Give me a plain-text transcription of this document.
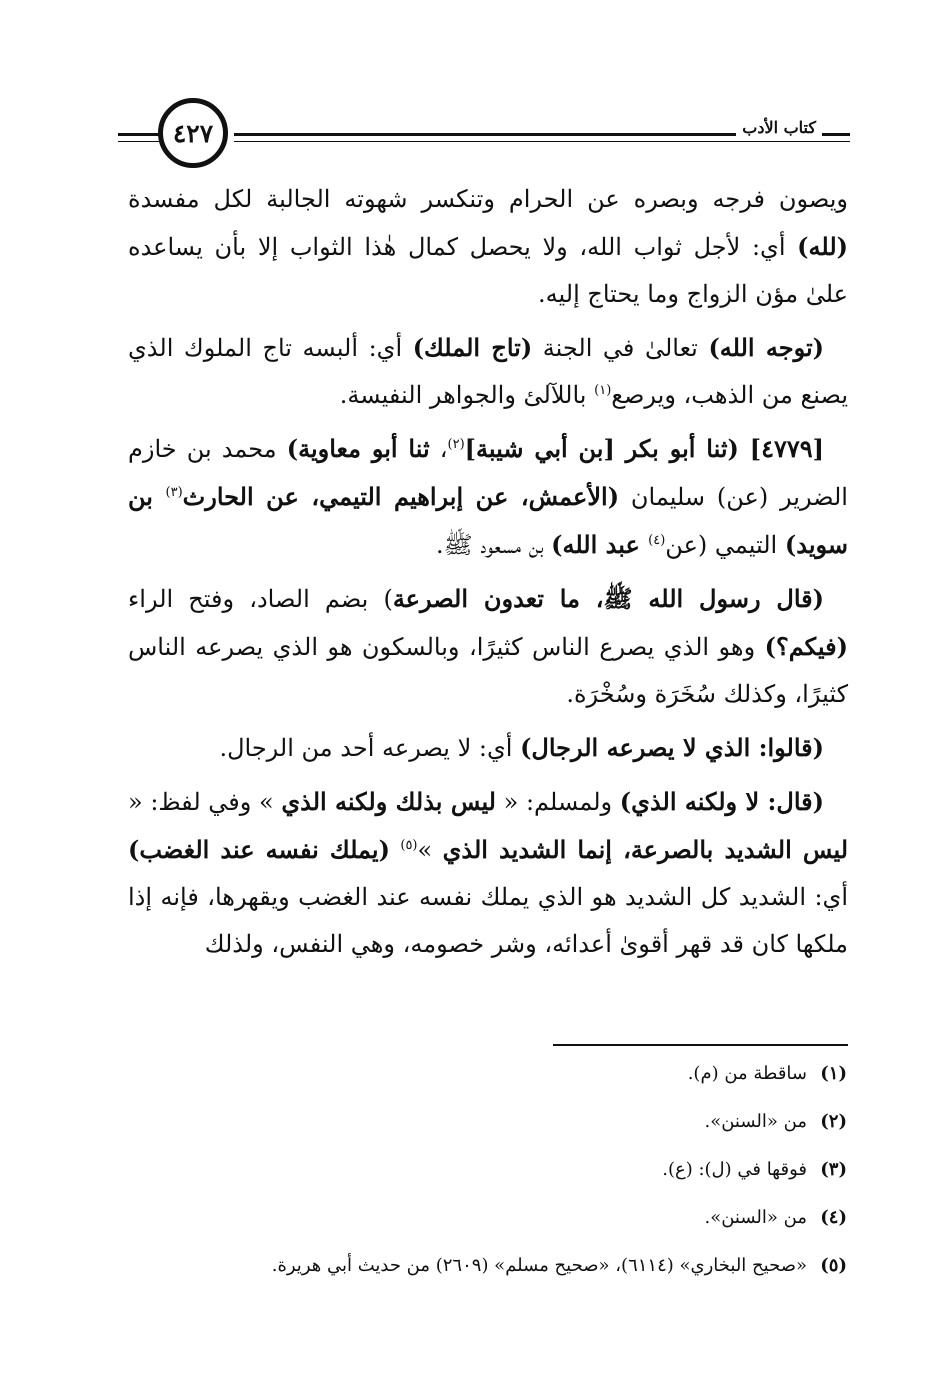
٤٢٧	كتاب الأدب

ويصون فرجه وبصره عن الحرام وتنكسر شهوته الجالبة لكل مفسدة (لله) أي: لأجل ثواب الله، ولا يحصل كمال هٰذا الثواب إلا بأن يساعده علىٰ مؤن الزواج وما يحتاج إليه.

(توجه الله) تعالىٰ في الجنة (تاج الملك) أي: ألبسه تاج الملوك الذي يصنع من الذهب، ويرصع$^{(١)}$ باللآلئ والجواهر النفيسة.

[٤٧٧٩] (ثنا أبو بكر [بن أبي شيبة]$^{(٢)}$، ثنا أبو معاوية) محمد بن خازم الضرير (عن) سليمان (الأعمش، عن إبراهيم التيمي، عن الحارث$^{(٣)}$ بن سويد) التيمي (عن$^{(٤)}$ عبد الله) بن مسعود ﷺ.

(قال رسول الله ﷺ، ما تعدون الصرعة) بضم الصاد، وفتح الراء (فيكم؟) وهو الذي يصرع الناس كثيرًا، وبالسكون هو الذي يصرعه الناس كثيرًا، وكذلك سُخَرَة وسُخْرَة.

(قالوا: الذي لا يصرعه الرجال) أي: لا يصرعه أحد من الرجال.

(قال: لا ولكنه الذي) ولمسلم: « ليس بذلك ولكنه الذي » وفي لفظ: « ليس الشديد بالصرعة، إنما الشديد الذي »$^{(٥)}$ (يملك نفسه عند الغضب) أي: الشديد كل الشديد هو الذي يملك نفسه عند الغضب ويقهرها، فإنه إذا ملكها كان قد قهر أقوىٰ أعدائه، وشر خصومه، وهي النفس، ولذلك

(١)
ساقطة من (م).
(٢)
من «السنن».
(٣)
فوقها في (ل): (ع).
(٤)
من «السنن».
(٥)
«صحيح البخاري» (٦١١٤)، «صحيح مسلم» (٢٦٠٩) من حديث أبي هريرة.
